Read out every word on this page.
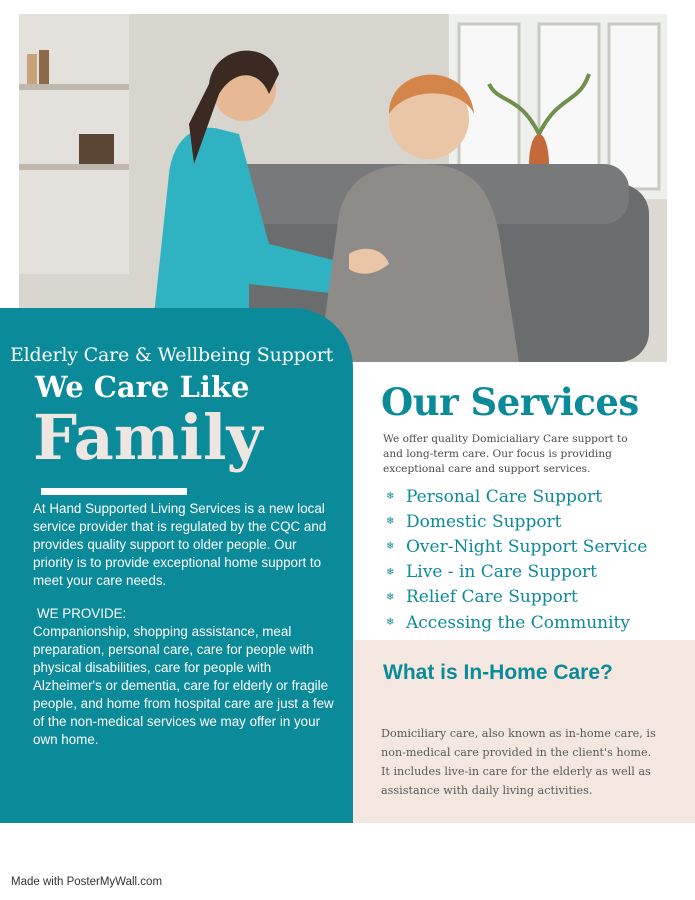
Elderly Care & Wellbeing Support
We Care Like
Family
At Hand Supported Living Services is a new local service provider that is regulated by the CQC and provides quality support to older people. Our priority is to provide exceptional home support to meet your care needs.
WE PROVIDE:
Companionship, shopping assistance, meal preparation, personal care, care for people with physical disabilities, care for people with Alzheimer's or dementia, care for elderly or fragile people, and home from hospital care are just a few of the non-medical services we may offer in your own home.
Our Services
We offer quality Domicialiary Care support to and long-term care. Our focus is providing exceptional care and support services.
❄ Personal Care Support
❄ Domestic Support
❄ Over-Night Support Service
❄ Live - in Care Support
❄ Relief Care Support
❄ Accessing the Community
What is In-Home Care?
Domiciliary care, also known as in-home care, is non-medical care provided in the client's home. It includes live-in care for the elderly as well as assistance with daily living activities.
Made with PosterMyWall.com
